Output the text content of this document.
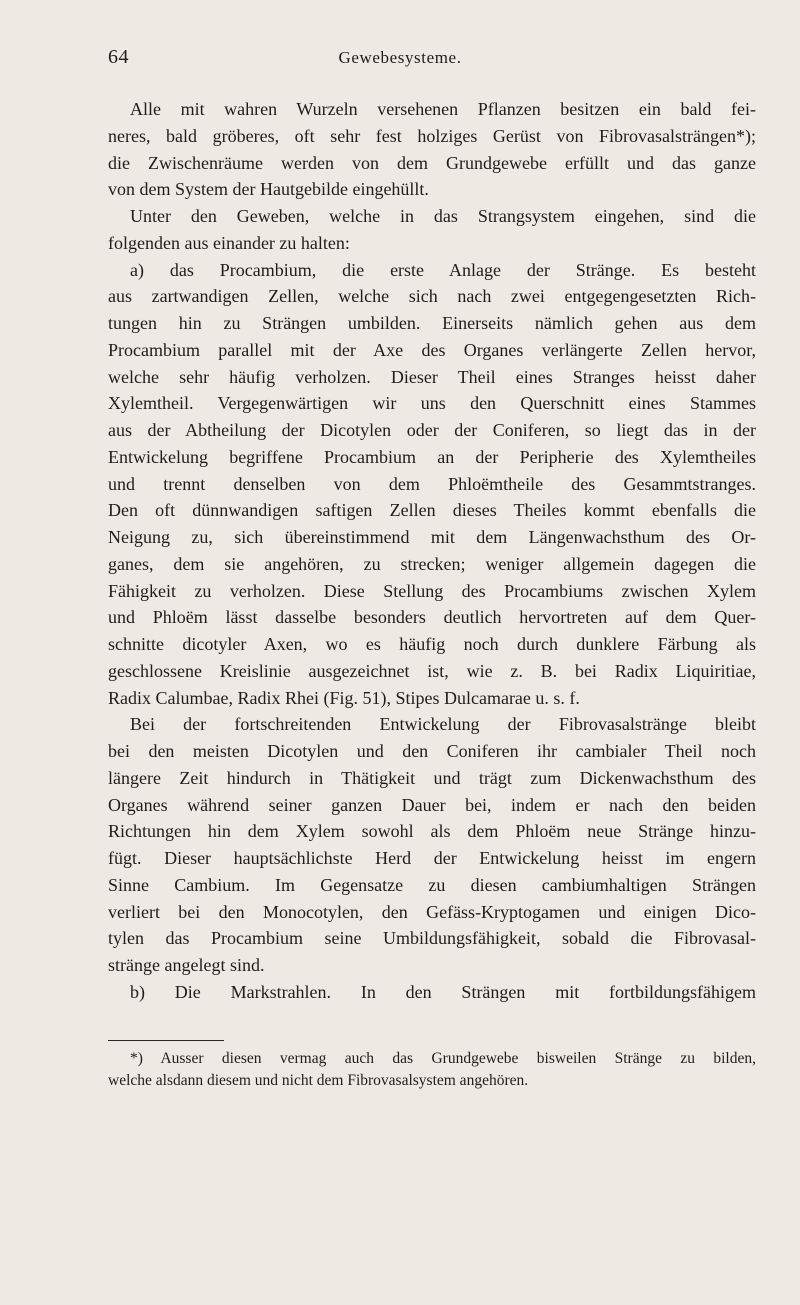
64	Gewebesysteme.
Alle mit wahren Wurzeln versehenen Pflanzen besitzen ein bald fei-
neres, bald gröberes, oft sehr fest holziges Gerüst von Fibrovasalsträngen*);
die Zwischenräume werden von dem Grundgewebe erfüllt und das ganze
von dem System der Hautgebilde eingehüllt.
Unter den Geweben, welche in das Strangsystem eingehen, sind die
folgenden aus einander zu halten:
a) das Procambium, die erste Anlage der Stränge. Es besteht
aus zartwandigen Zellen, welche sich nach zwei entgegengesetzten Rich-
tungen hin zu Strängen umbilden. Einerseits nämlich gehen aus dem
Procambium parallel mit der Axe des Organes verlängerte Zellen hervor,
welche sehr häufig verholzen. Dieser Theil eines Stranges heisst daher
Xylemtheil. Vergegenwärtigen wir uns den Querschnitt eines Stammes
aus der Abtheilung der Dicotylen oder der Coniferen, so liegt das in der
Entwickelung begriffene Procambium an der Peripherie des Xylemtheiles
und trennt denselben von dem Phloëmtheile des Gesammtstranges.
Den oft dünnwandigen saftigen Zellen dieses Theiles kommt ebenfalls die
Neigung zu, sich übereinstimmend mit dem Längenwachsthum des Or-
ganes, dem sie angehören, zu strecken; weniger allgemein dagegen die
Fähigkeit zu verholzen. Diese Stellung des Procambiums zwischen Xylem
und Phloëm lässt dasselbe besonders deutlich hervortreten auf dem Quer-
schnitte dicotyler Axen, wo es häufig noch durch dunklere Färbung als
geschlossene Kreislinie ausgezeichnet ist, wie z. B. bei Radix Liquiritiae,
Radix Calumbae, Radix Rhei (Fig. 51), Stipes Dulcamarae u. s. f.
Bei der fortschreitenden Entwickelung der Fibrovasalstränge bleibt
bei den meisten Dicotylen und den Coniferen ihr cambialer Theil noch
längere Zeit hindurch in Thätigkeit und trägt zum Dickenwachsthum des
Organes während seiner ganzen Dauer bei, indem er nach den beiden
Richtungen hin dem Xylem sowohl als dem Phloëm neue Stränge hinzu-
fügt. Dieser hauptsächlichste Herd der Entwickelung heisst im engern
Sinne Cambium. Im Gegensatze zu diesen cambiumhaltigen Strängen
verliert bei den Monocotylen, den Gefäss-Kryptogamen und einigen Dico-
tylen das Procambium seine Umbildungsfähigkeit, sobald die Fibrovasal-
stränge angelegt sind.
b) Die Markstrahlen. In den Strängen mit fortbildungsfähigem
*) Ausser diesen vermag auch das Grundgewebe bisweilen Stränge zu bilden,
welche alsdann diesem und nicht dem Fibrovasalsystem angehören.
